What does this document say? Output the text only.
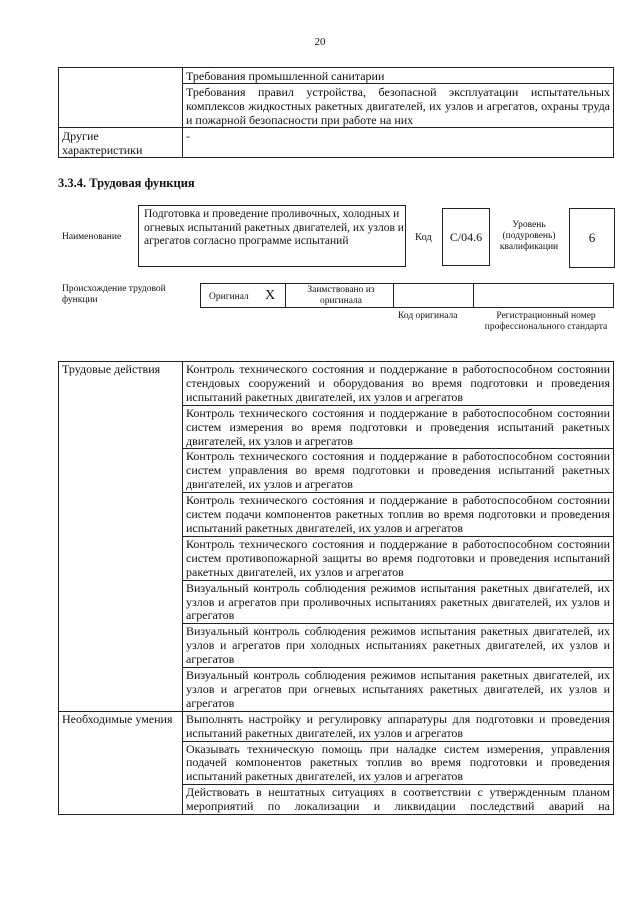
20
	Требования промышленной санитарии
	Требования правил устройства, безопасной эксплуатации испытательных комплексов жидкостных ракетных двигателей, их узлов и агрегатов, охраны труда и пожарной безопасности при работе на них
Другие характеристики	-
3.3.4. Трудовая функция
Наименование
Подготовка и проведение проливочных, холодных и огневых испытаний ракетных двигателей, их узлов и агрегатов согласно программе испытаний	Код	C/04.6
Уровень (подуровень) квалификации
6
Происхождение трудовой функции	Оригинал X	Заимствовано из оригинала
Код оригинала	Регистрационный номер профессионального стандарта
Трудовые действия	Контроль технического состояния и поддержание в работоспособном состоянии стендовых сооружений и оборудования во время подготовки и проведения испытаний ракетных двигателей, их узлов и агрегатов
	Контроль технического состояния и поддержание в работоспособном состоянии систем измерения во время подготовки и проведения испытаний ракетных двигателей, их узлов и агрегатов
	Контроль технического состояния и поддержание в работоспособном состоянии систем управления во время подготовки и проведения испытаний ракетных двигателей, их узлов и агрегатов
	Контроль технического состояния и поддержание в работоспособном состоянии систем подачи компонентов ракетных топлив во время подготовки и проведения испытаний ракетных двигателей, их узлов и агрегатов
	Контроль технического состояния и поддержание в работоспособном состоянии систем противопожарной защиты во время подготовки и проведения испытаний ракетных двигателей, их узлов и агрегатов
	Визуальный контроль соблюдения режимов испытания ракетных двигателей, их узлов и агрегатов при проливочных испытаниях ракетных двигателей, их узлов и агрегатов
	Визуальный контроль соблюдения режимов испытания ракетных двигателей, их узлов и агрегатов при холодных испытаниях ракетных двигателей, их узлов и агрегатов
	Визуальный контроль соблюдения режимов испытания ракетных двигателей, их узлов и агрегатов при огневых испытаниях ракетных двигателей, их узлов и агрегатов
Необходимые умения	Выполнять настройку и регулировку аппаратуры для подготовки и проведения испытаний ракетных двигателей, их узлов и агрегатов
	Оказывать техническую помощь при наладке систем измерения, управления подачей компонентов ракетных топлив во время подготовки и проведения испытаний ракетных двигателей, их узлов и агрегатов
	Действовать в нештатных ситуациях в соответствии с утвержденным планом мероприятий по локализации и ликвидации последствий аварий на
